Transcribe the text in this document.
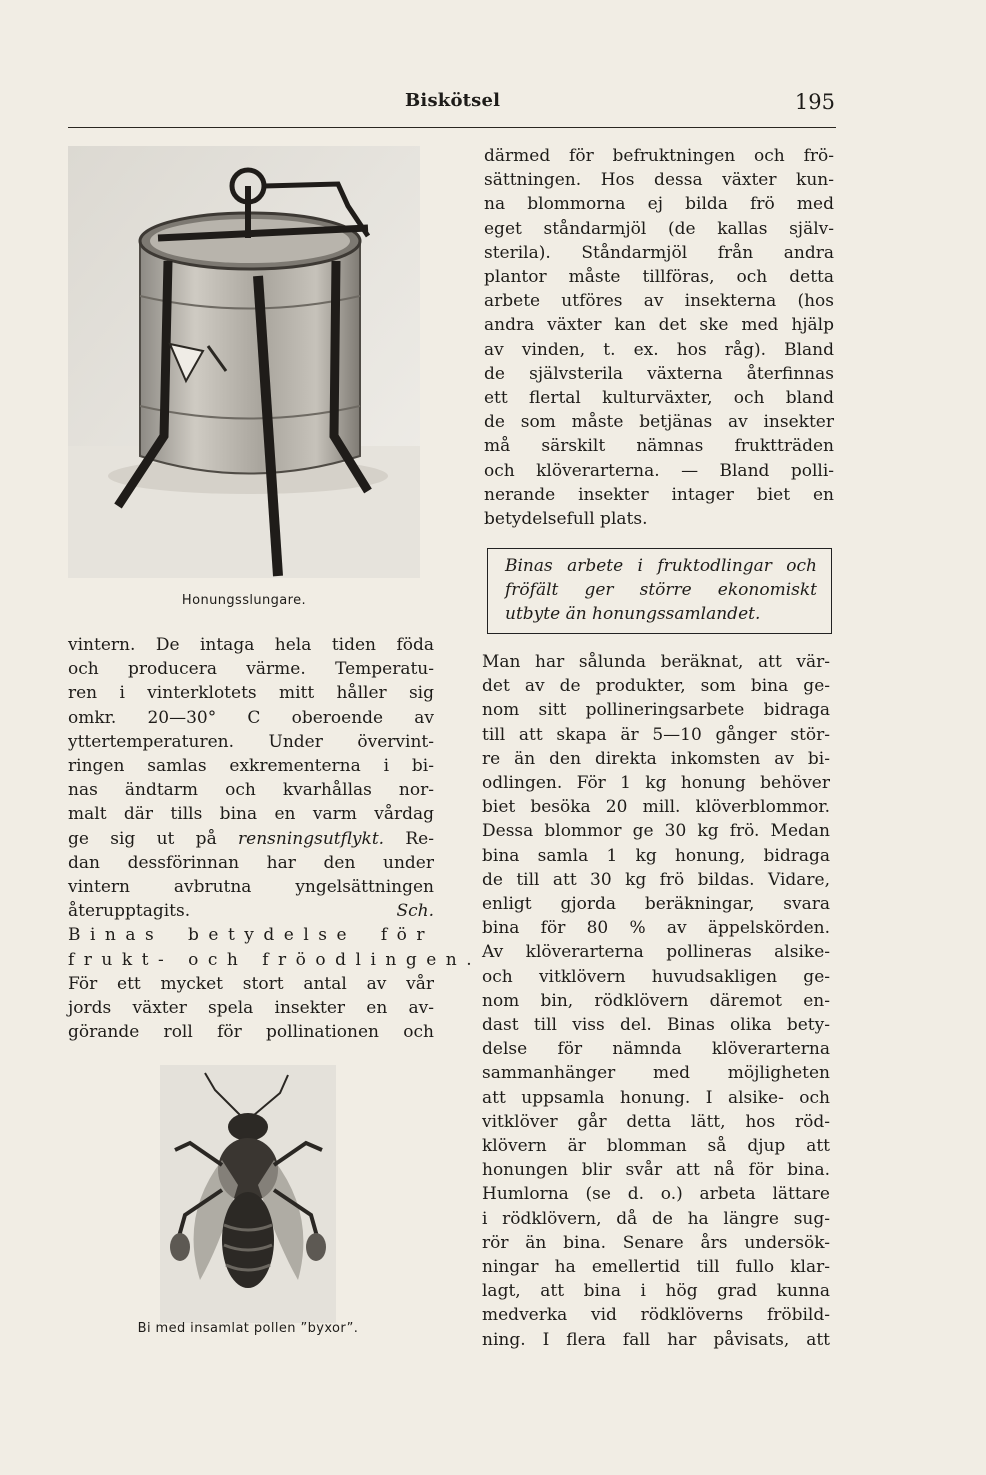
Biskötsel	195
Honungsslungare.
vintern. De intaga hela tiden föda
och producera värme. Temperatu-
ren i vinterklotets mitt håller sig
omkr. 20—30° C oberoende av
yttertemperaturen. Under övervint-
ringen samlas exkrementerna i bi-
nas ändtarm och kvarhållas nor-
malt där tills bina en varm vårdag
ge sig ut på rensningsutflykt. Re-
dan dessförinnan har den under
vintern avbrutna yngelsättningen
återupptagits.	Sch.
Binas betydelse för
frukt- och fröodlingen.
För ett mycket stort antal av vår
jords växter spela insekter en av-
görande roll för pollinationen och
Bi med insamlat pollen ”byxor”.
därmed för befruktningen och frö-
sättningen. Hos dessa växter kun-
na blommorna ej bilda frö med
eget ståndarmjöl (de kallas själv-
sterila). Ståndarmjöl från andra
plantor måste tillföras, och detta
arbete utföres av insekterna (hos
andra växter kan det ske med hjälp
av vinden, t. ex. hos råg). Bland
de självsterila växterna återfinnas
ett flertal kulturväxter, och bland
de som måste betjänas av insekter
må särskilt nämnas fruktträden
och klöverarterna. — Bland polli-
nerande insekter intager biet en
betydelsefull plats.
Binas arbete i fruktodlingar och
fröfält ger större ekonomiskt
utbyte än honungssamlandet.
Man har sålunda beräknat, att vär-
det av de produkter, som bina ge-
nom sitt pollineringsarbete bidraga
till att skapa är 5—10 gånger stör-
re än den direkta inkomsten av bi-
odlingen. För 1 kg honung behöver
biet besöka 20 mill. klöverblommor.
Dessa blommor ge 30 kg frö. Medan
bina samla 1 kg honung, bidraga
de till att 30 kg frö bildas. Vidare,
enligt gjorda beräkningar, svara
bina för 80 % av äppelskörden.
Av klöverarterna pollineras alsike-
och vitklövern huvudsakligen ge-
nom bin, rödklövern däremot en-
dast till viss del. Binas olika bety-
delse för nämnda klöverarterna
sammanhänger med möjligheten
att uppsamla honung. I alsike- och
vitklöver går detta lätt, hos röd-
klövern är blomman så djup att
honungen blir svår att nå för bina.
Humlorna (se d. o.) arbeta lättare
i rödklövern, då de ha längre sug-
rör än bina. Senare års undersök-
ningar ha emellertid till fullo klar-
lagt, att bina i hög grad kunna
medverka vid rödklöverns fröbild-
ning. I flera fall har påvisats, att
